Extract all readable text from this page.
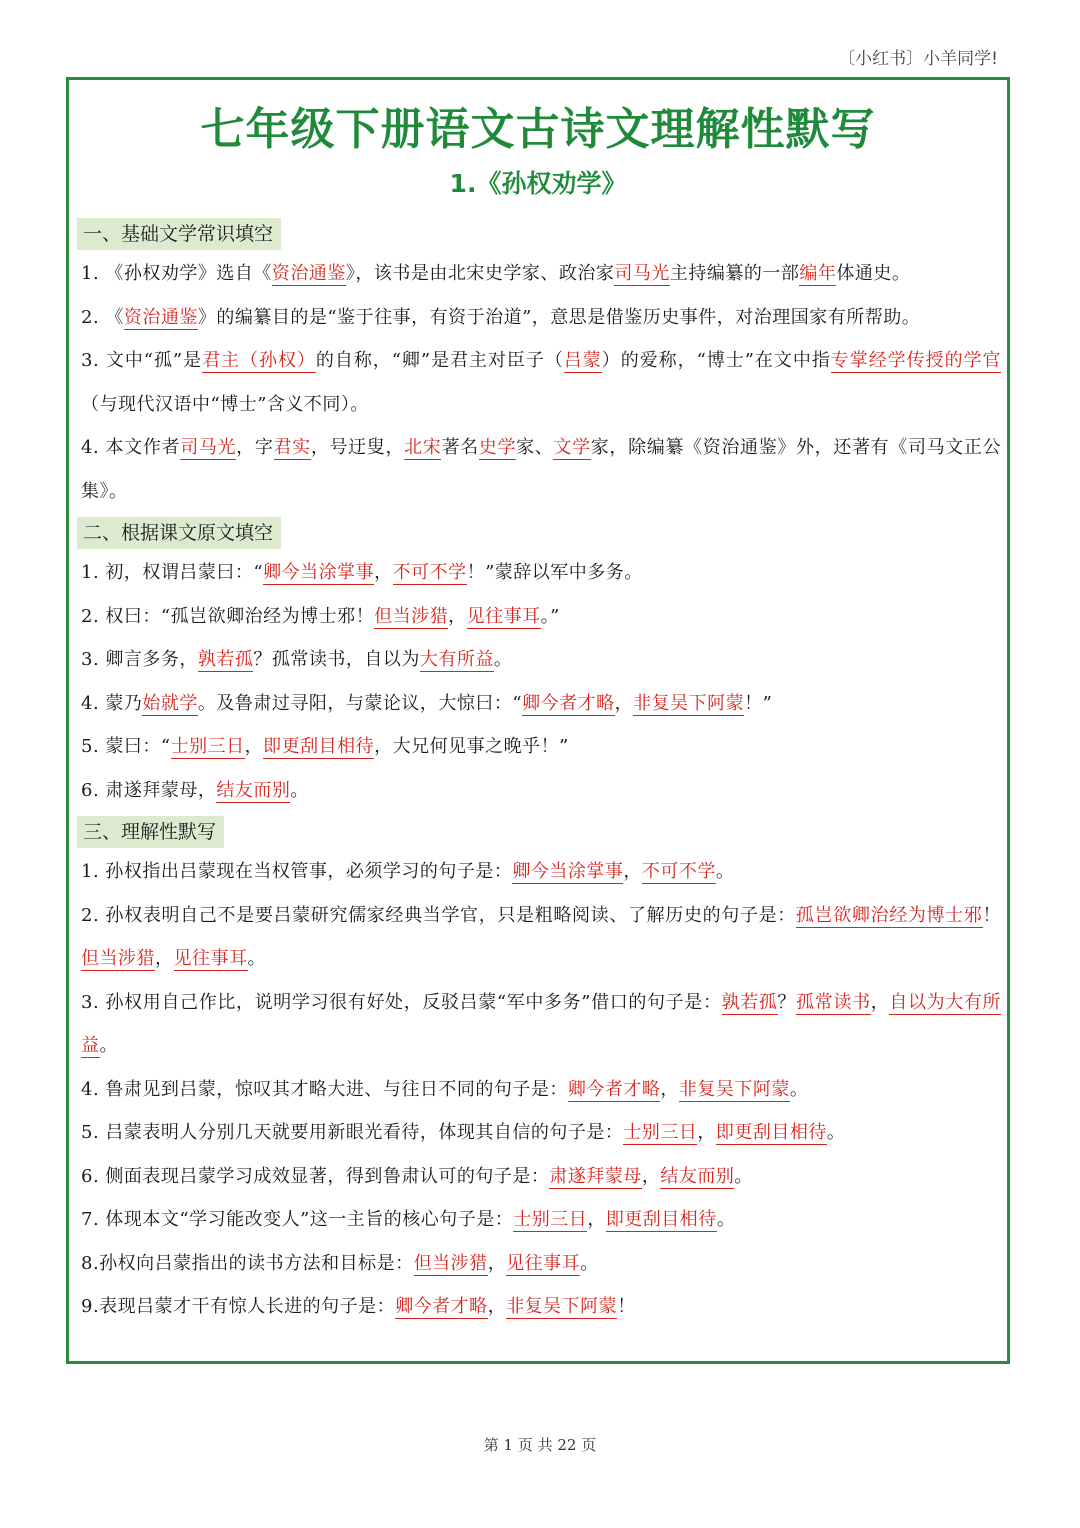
〔小红书〕小羊同学!
七年级下册语文古诗文理解性默写
1.《孙权劝学》
一、基础文学常识填空
1. 《孙权劝学》选自《资治通鉴》，该书是由北宋史学家、政治家司马光主持编纂的一部编年体通史。
2. 《资治通鉴》的编纂目的是“鉴于往事，有资于治道”，意思是借鉴历史事件，对治理国家有所帮助。
3. 文中“孤”是君主（孙权）的自称，“卿”是君主对臣子（吕蒙）的爱称，“博士”在文中指专掌经学传授的学官（与现代汉语中“博士”含义不同）。
4. 本文作者司马光，字君实，号迂叟，北宋著名史学家、文学家，除编纂《资治通鉴》外，还著有《司马文正公集》。
二、根据课文原文填空
1. 初，权谓吕蒙曰：“卿今当涂掌事，不可不学！”蒙辞以军中多务。
2. 权曰：“孤岂欲卿治经为博士邪！但当涉猎，见往事耳。”
3. 卿言多务，孰若孤？孤常读书，自以为大有所益。
4. 蒙乃始就学。及鲁肃过寻阳，与蒙论议，大惊曰：“卿今者才略，非复吴下阿蒙！”
5. 蒙曰：“士别三日，即更刮目相待，大兄何见事之晚乎！”
6. 肃遂拜蒙母，结友而别。
三、理解性默写
1. 孙权指出吕蒙现在当权管事，必须学习的句子是：卿今当涂掌事，不可不学。
2. 孙权表明自己不是要吕蒙研究儒家经典当学官，只是粗略阅读、了解历史的句子是：孤岂欲卿治经为博士邪！但当涉猎，见往事耳。
3. 孙权用自己作比，说明学习很有好处，反驳吕蒙“军中多务”借口的句子是：孰若孤？孤常读书，自以为大有所益。
4. 鲁肃见到吕蒙，惊叹其才略大进、与往日不同的句子是：卿今者才略，非复吴下阿蒙。
5. 吕蒙表明人分别几天就要用新眼光看待，体现其自信的句子是：士别三日，即更刮目相待。
6. 侧面表现吕蒙学习成效显著，得到鲁肃认可的句子是：肃遂拜蒙母，结友而别。
7. 体现本文“学习能改变人”这一主旨的核心句子是：士别三日，即更刮目相待。
8.孙权向吕蒙指出的读书方法和目标是：但当涉猎，见往事耳。
9.表现吕蒙才干有惊人长进的句子是：卿今者才略，非复吴下阿蒙！
第 1 页 共 22 页
